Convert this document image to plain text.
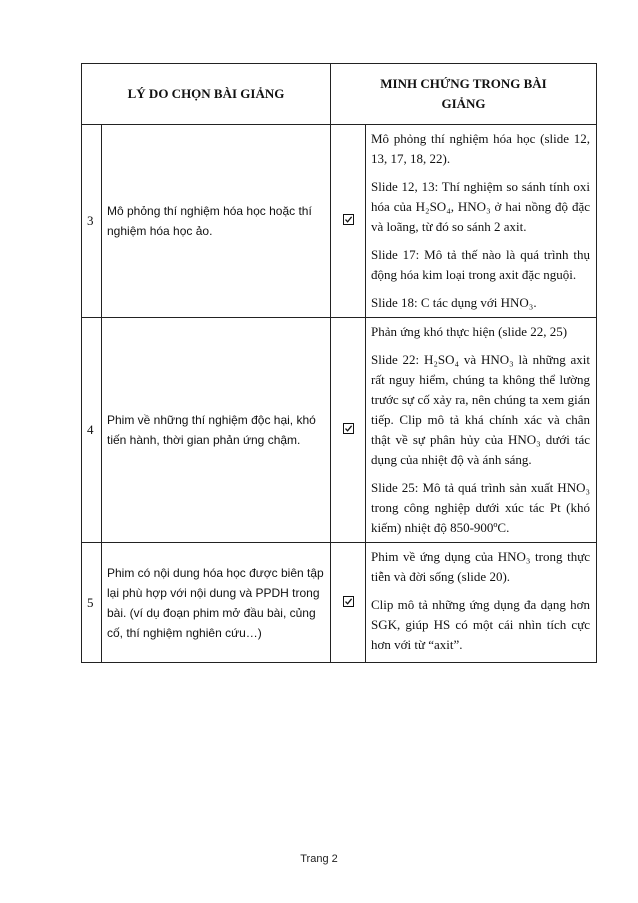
LÝ DO CHỌN BÀI GIẢNG		MINH CHỨNG TRONG BÀI GIẢNG	
3	Mô phỏng thí nghiệm hóa học hoặc thí nghiệm hóa học ảo.		Mô phỏng thí nghiệm hóa học (slide 12, 13, 17, 18, 22).

Slide 12, 13: Thí nghiệm so sánh tính oxi hóa của H₂SO₄, HNO₃ ở hai nồng độ đặc và loãng, từ đó so sánh 2 axit.

Slide 17: Mô tả thế nào là quá trình thụ động hóa kim loại trong axit đặc nguội.

Slide 18: C tác dụng với HNO₃.

4	Phim về những thí nghiệm độc hại, khó tiến hành, thời gian phản ứng chậm.		Phản ứng khó thực hiện (slide 22, 25)

Slide 22: H₂SO₄ và HNO₃ là những axit rất nguy hiểm, chúng ta không thể lường trước sự cố xảy ra, nên chúng ta xem gián tiếp. Clip mô tả khá chính xác và chân thật về sự phân hủy của HNO₃ dưới tác dụng của nhiệt độ và ánh sáng.

Slide 25: Mô tả quá trình sản xuất HNO₃ trong công nghiệp dưới xúc tác Pt (khó kiếm) nhiệt độ 850-900ºC.

5	Phim có nội dung hóa học được biên tập lại phù hợp với nội dung và PPDH trong bài. (ví dụ đoạn phim mở đầu bài, củng cố, thí nghiệm nghiên cứu…)		Phim về ứng dụng của HNO₃ trong thực tiễn và đời sống (slide 20).

Clip mô tả những ứng dụng đa dạng hơn SGK, giúp HS có một cái nhìn tích cực hơn với từ “axit”.

Trang 2
